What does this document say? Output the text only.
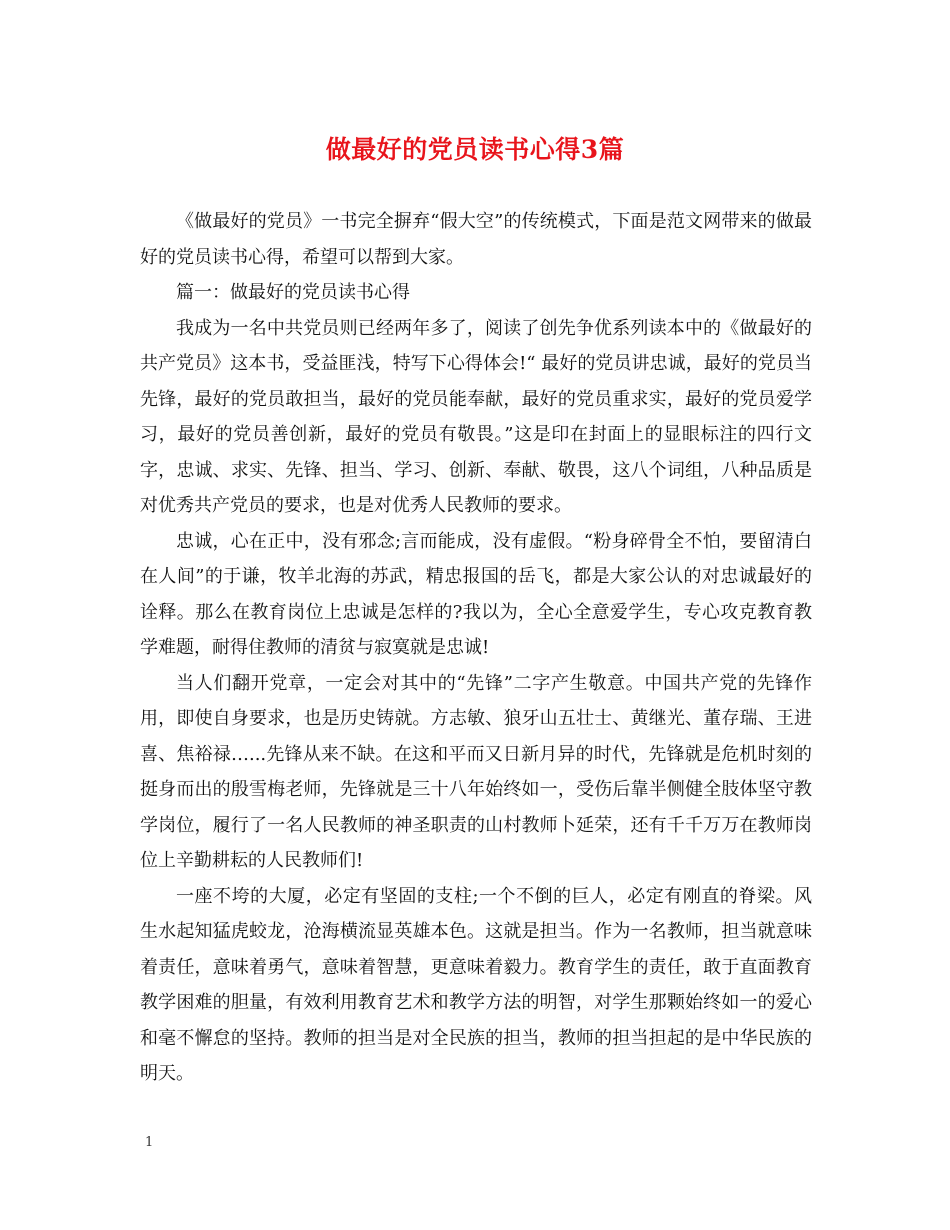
做最好的党员读书心得3篇

《做最好的党员》一书完全摒弃“假大空”的传统模式，下面是范文网带来的做最好的党员读书心得，希望可以帮到大家。

篇一：做最好的党员读书心得

我成为一名中共党员则已经两年多了，阅读了创先争优系列读本中的《做最好的共产党员》这本书，受益匪浅，特写下心得体会!“ 最好的党员讲忠诚，最好的党员当先锋，最好的党员敢担当，最好的党员能奉献，最好的党员重求实，最好的党员爱学习，最好的党员善创新，最好的党员有敬畏。”这是印在封面上的显眼标注的四行文字，忠诚、求实、先锋、担当、学习、创新、奉献、敬畏，这八个词组，八种品质是对优秀共产党员的要求，也是对优秀人民教师的要求。

忠诚，心在正中，没有邪念;言而能成，没有虚假。“粉身碎骨全不怕，要留清白在人间”的于谦，牧羊北海的苏武，精忠报国的岳飞，都是大家公认的对忠诚最好的诠释。那么在教育岗位上忠诚是怎样的?我以为，全心全意爱学生，专心攻克教育教学难题，耐得住教师的清贫与寂寞就是忠诚!

当人们翻开党章，一定会对其中的“先锋”二字产生敬意。中国共产党的先锋作用，即使自身要求，也是历史铸就。方志敏、狼牙山五壮士、黄继光、董存瑞、王进喜、焦裕禄…...先锋从来不缺。在这和平而又日新月异的时代，先锋就是危机时刻的挺身而出的殷雪梅老师，先锋就是三十八年始终如一，受伤后靠半侧健全肢体坚守教学岗位，履行了一名人民教师的神圣职责的山村教师卜延荣，还有千千万万在教师岗位上辛勤耕耘的人民教师们!

一座不垮的大厦，必定有坚固的支柱;一个不倒的巨人，必定有刚直的脊梁。风生水起知猛虎蛟龙，沧海横流显英雄本色。这就是担当。作为一名教师，担当就意味着责任，意味着勇气，意味着智慧，更意味着毅力。教育学生的责任，敢于直面教育教学困难的胆量，有效利用教育艺术和教学方法的明智，对学生那颗始终如一的爱心和毫不懈怠的坚持。教师的担当是对全民族的担当，教师的担当担起的是中华民族的明天。

1
